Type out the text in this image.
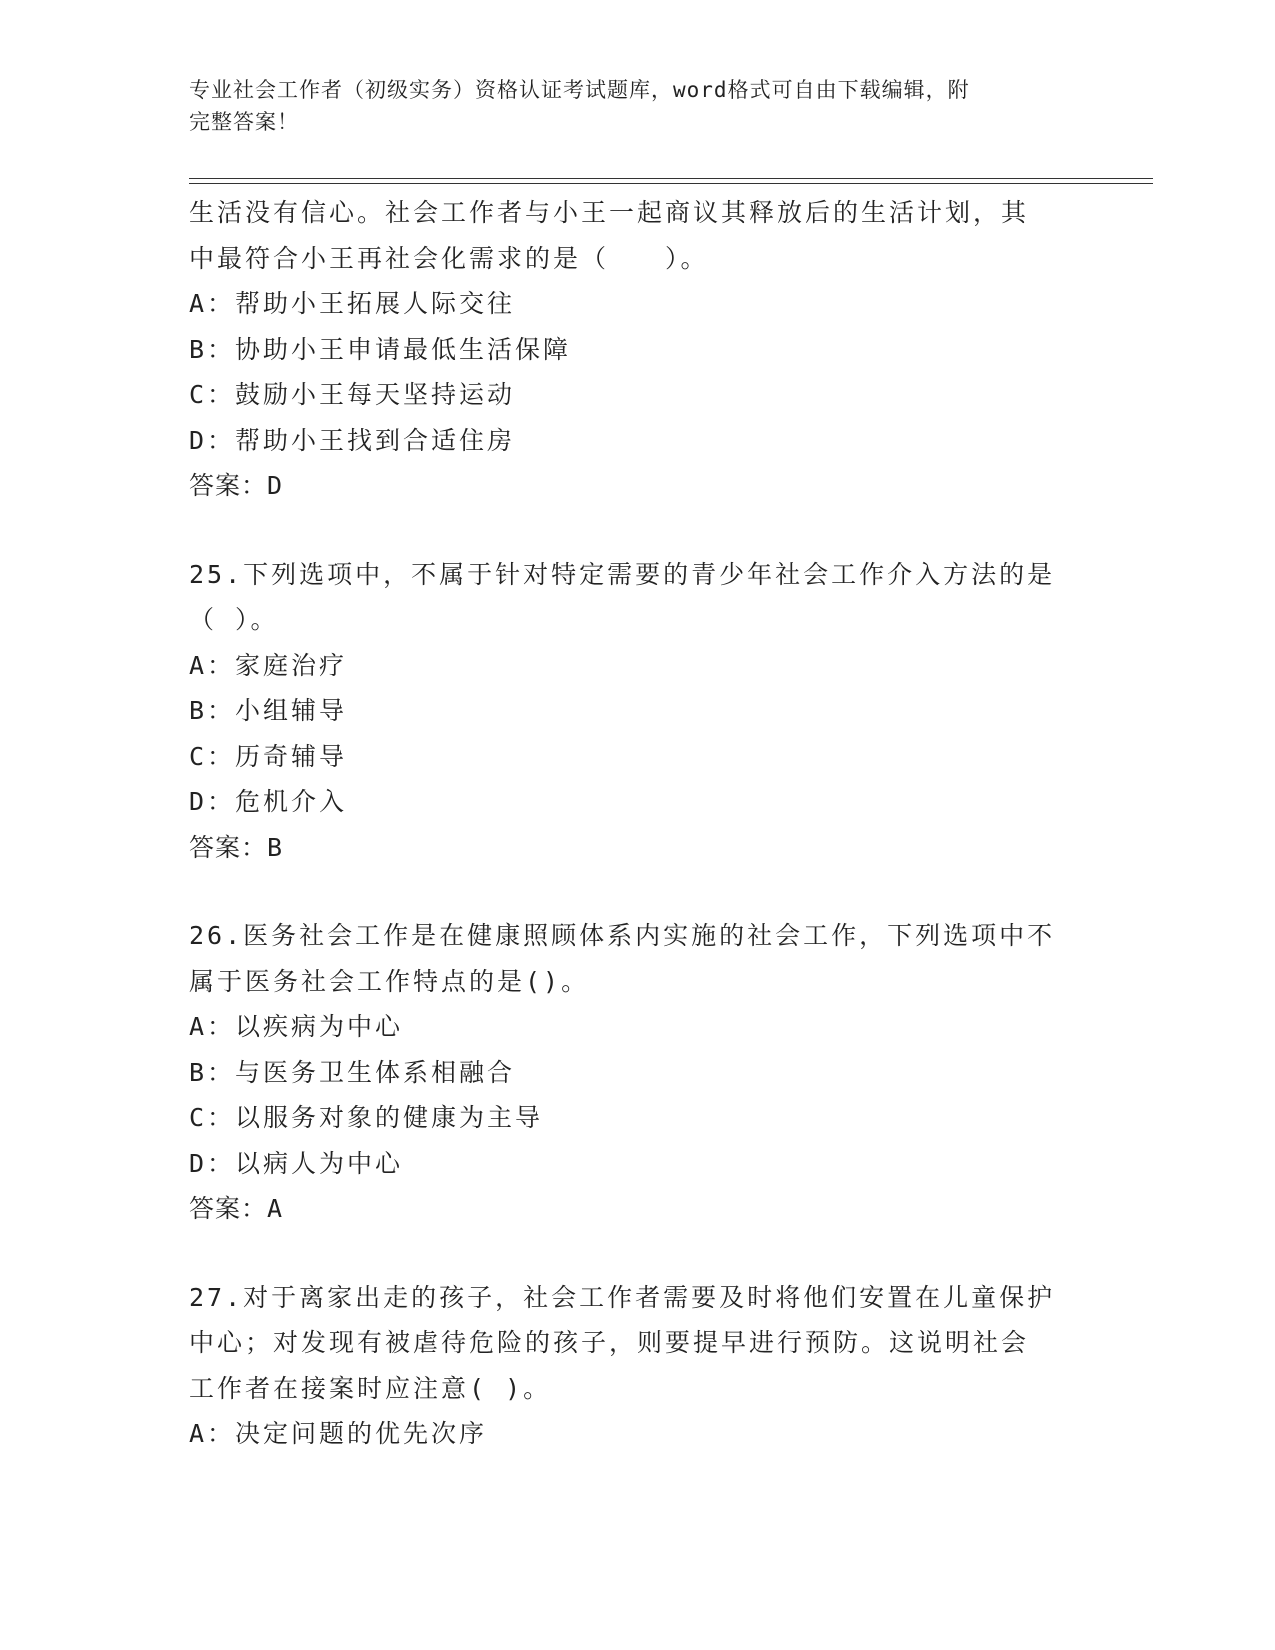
专业社会工作者（初级实务）资格认证考试题库，word格式可自由下载编辑，附
完整答案！
生活没有信心。社会工作者与小王一起商议其释放后的生活计划，其
中最符合小王再社会化需求的是（　　）。
A：帮助小王拓展人际交往
B：协助小王申请最低生活保障
C：鼓励小王每天坚持运动
D：帮助小王找到合适住房
答案：D
25.下列选项中，不属于针对特定需要的青少年社会工作介入方法的是
（ ）。
A：家庭治疗
B：小组辅导
C：历奇辅导
D：危机介入
答案：B
26.医务社会工作是在健康照顾体系内实施的社会工作，下列选项中不
属于医务社会工作特点的是()。
A：以疾病为中心
B：与医务卫生体系相融合
C：以服务对象的健康为主导
D：以病人为中心
答案：A
27.对于离家出走的孩子，社会工作者需要及时将他们安置在儿童保护
中心；对发现有被虐待危险的孩子，则要提早进行预防。这说明社会
工作者在接案时应注意( )。
A：决定问题的优先次序
